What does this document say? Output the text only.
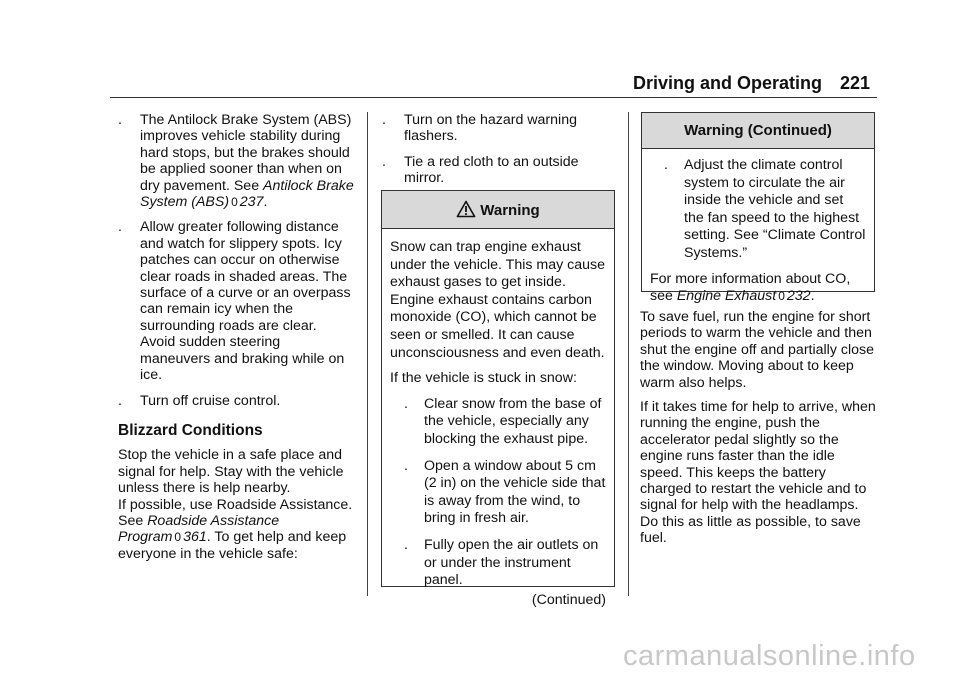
Driving and Operating 221
. The Antilock Brake System (ABS) improves vehicle stability during hard stops, but the brakes should be applied sooner than when on dry pavement. See Antilock Brake System (ABS) 0 237.
. Allow greater following distance and watch for slippery spots. Icy patches can occur on otherwise clear roads in shaded areas. The surface of a curve or an overpass can remain icy when the surrounding roads are clear. Avoid sudden steering maneuvers and braking while on ice.
. Turn off cruise control.
Blizzard Conditions
Stop the vehicle in a safe place and signal for help. Stay with the vehicle unless there is help nearby.
If possible, use Roadside Assistance. See Roadside Assistance Program 0 361. To get help and keep everyone in the vehicle safe:
. Turn on the hazard warning flashers.
. Tie a red cloth to an outside mirror.
Warning
Snow can trap engine exhaust under the vehicle. This may cause exhaust gases to get inside. Engine exhaust contains carbon monoxide (CO), which cannot be seen or smelled. It can cause unconsciousness and even death.
If the vehicle is stuck in snow:
. Clear snow from the base of the vehicle, especially any blocking the exhaust pipe.
. Open a window about 5 cm (2 in) on the vehicle side that is away from the wind, to bring in fresh air.
. Fully open the air outlets on or under the instrument panel.
(Continued)
Warning (Continued)
. Adjust the climate control system to circulate the air inside the vehicle and set the fan speed to the highest setting. See “Climate Control Systems.”
For more information about CO, see Engine Exhaust 0 232.
To save fuel, run the engine for short periods to warm the vehicle and then shut the engine off and partially close the window. Moving about to keep warm also helps.
If it takes time for help to arrive, when running the engine, push the accelerator pedal slightly so the engine runs faster than the idle speed. This keeps the battery charged to restart the vehicle and to signal for help with the headlamps. Do this as little as possible, to save fuel.
carmanualsonline.info
